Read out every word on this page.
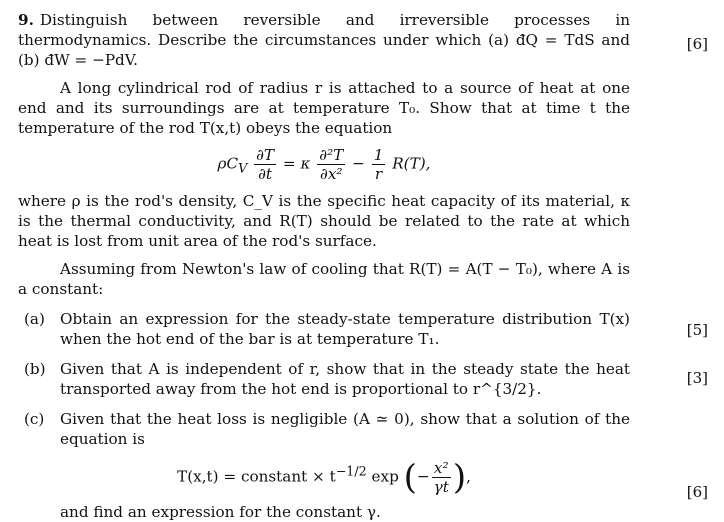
9. Distinguish between reversible and irreversible processes in thermodynamics. Describe the circumstances under which (a) đQ = TdS and (b) đW = −PdV.

A long cylindrical rod of radius r is attached to a source of heat at one end and its surroundings are at temperature T₀. Show that at time t the temperature of the rod T(x,t) obeys the equation

$\rho C_V \frac{\partial T}{\partial t} = \kappa \frac{\text{∂²T}}{\text{∂x²}} - \frac{1}{r} R(T)$,

where ρ is the rod's density, C_V is the specific heat capacity of its material, κ is the thermal conductivity, and R(T) should be related to the rate at which heat is lost from unit area of the rod's surface.

Assuming from Newton's law of cooling that R(T) = A(T − T₀), where A is a constant:

(a) Obtain an expression for the steady-state temperature distribution T(x) when the hot end of the bar is at temperature T₁.
(b) Given that A is independent of r, show that in the steady state the heat transported away from the hot end is proportional to r^{3/2}.
(c)	Given that the heat loss is negligible (A ≃ 0), show that a solution of the equation is
T(x,t) = constant × $t^{-1/2}$ exp (− $\frac{\text{x²}}{\gamma t}$ ),

and find an expression for the constant γ.

[6]
[5]
[3]
[6]
